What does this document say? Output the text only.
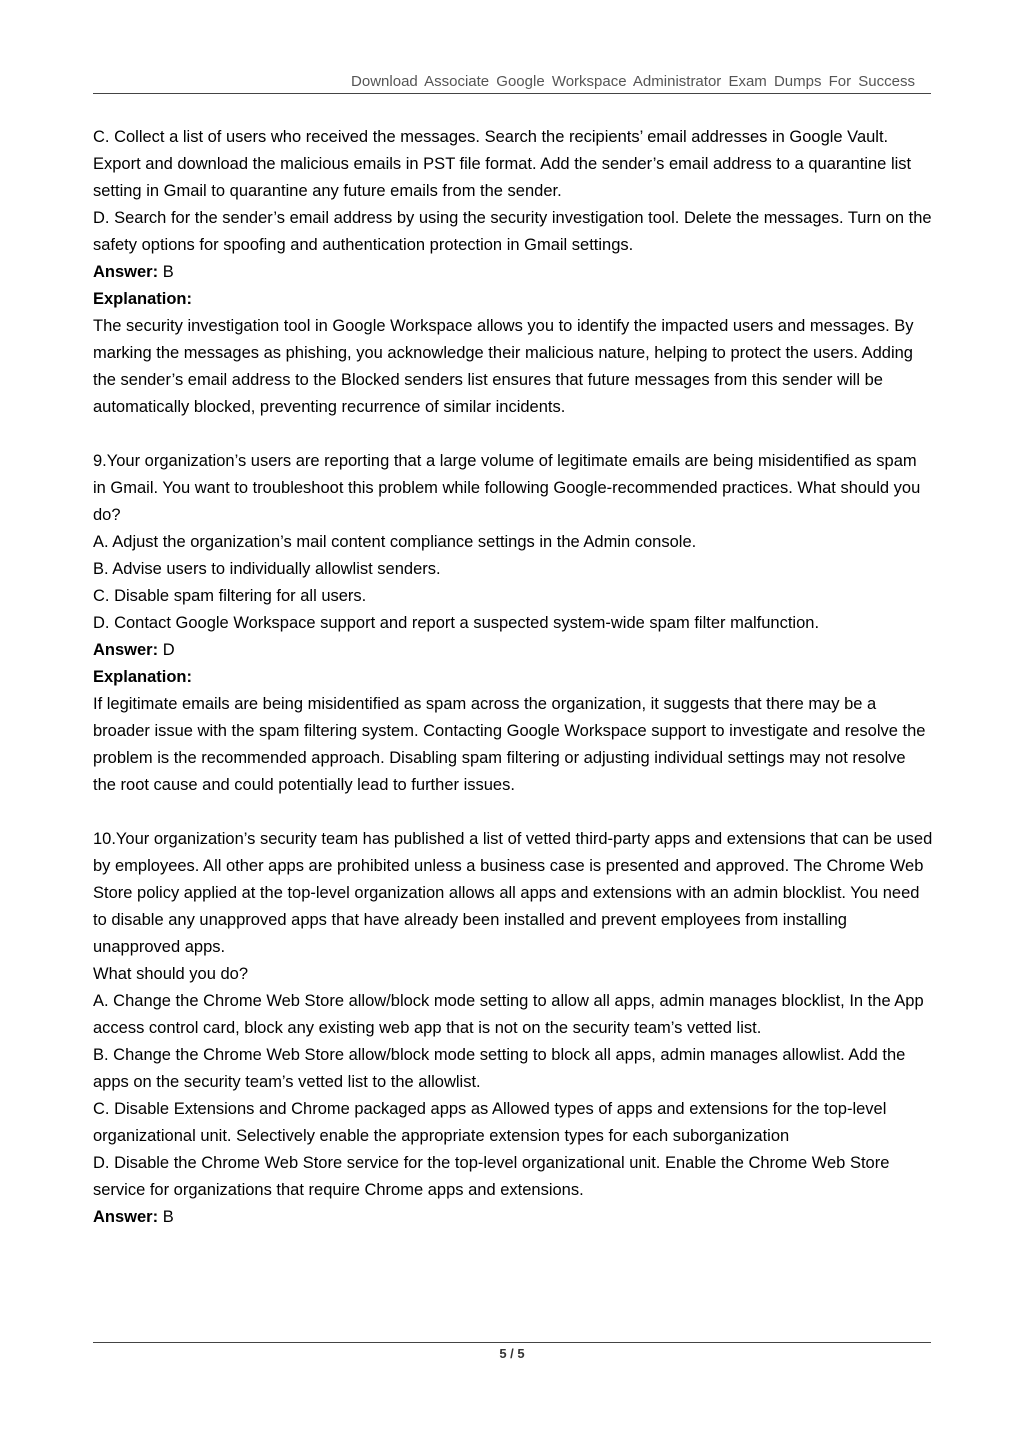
Download Associate Google Workspace Administrator Exam Dumps For Success

C. Collect a list of users who received the messages. Search the recipients’ email addresses in Google Vault. Export and download the malicious emails in PST file format. Add the sender’s email address to a quarantine list setting in Gmail to quarantine any future emails from the sender.

D. Search for the sender’s email address by using the security investigation tool. Delete the messages. Turn on the safety options for spoofing and authentication protection in Gmail settings.

Answer: B

Explanation:

The security investigation tool in Google Workspace allows you to identify the impacted users and messages. By marking the messages as phishing, you acknowledge their malicious nature, helping to protect the users. Adding the sender’s email address to the Blocked senders list ensures that future messages from this sender will be automatically blocked, preventing recurrence of similar incidents.

9.Your organization’s users are reporting that a large volume of legitimate emails are being misidentified as spam in Gmail. You want to troubleshoot this problem while following Google-recommended practices. What should you do?

A. Adjust the organization’s mail content compliance settings in the Admin console.

B. Advise users to individually allowlist senders.

C. Disable spam filtering for all users.

D. Contact Google Workspace support and report a suspected system-wide spam filter malfunction.

Answer: D

Explanation:

If legitimate emails are being misidentified as spam across the organization, it suggests that there may be a broader issue with the spam filtering system. Contacting Google Workspace support to investigate and resolve the problem is the recommended approach. Disabling spam filtering or adjusting individual settings may not resolve the root cause and could potentially lead to further issues.

10.Your organization’s security team has published a list of vetted third-party apps and extensions that can be used by employees. All other apps are prohibited unless a business case is presented and approved. The Chrome Web Store policy applied at the top-level organization allows all apps and extensions with an admin blocklist. You need to disable any unapproved apps that have already been installed and prevent employees from installing unapproved apps.

What should you do?

A. Change the Chrome Web Store allow/block mode setting to allow all apps, admin manages blocklist, In the App access control card, block any existing web app that is not on the security team’s vetted list.

B. Change the Chrome Web Store allow/block mode setting to block all apps, admin manages allowlist. Add the apps on the security team’s vetted list to the allowlist.

C. Disable Extensions and Chrome packaged apps as Allowed types of apps and extensions for the top-level organizational unit. Selectively enable the appropriate extension types for each suborganization

D. Disable the Chrome Web Store service for the top-level organizational unit. Enable the Chrome Web Store service for organizations that require Chrome apps and extensions.

Answer: B

5 / 5
